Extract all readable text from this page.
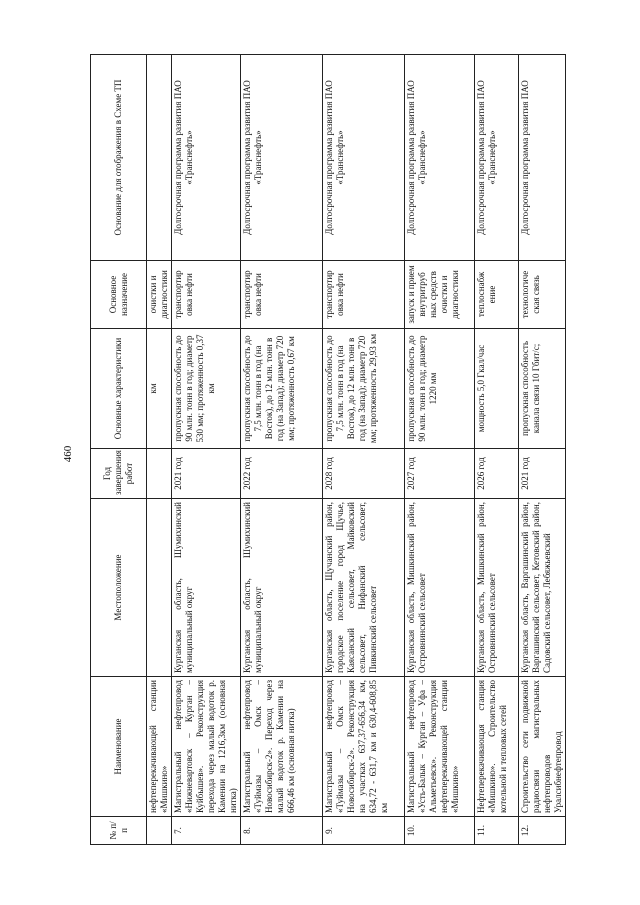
460
№ п/п	Наименование	Местоположение	Год завершения работ	Основные характеристики	Основное назначение	Основание для отображения в Схеме ТП
	нефтеперекачивающей станции «Мишкино»			км	очистки и диагностики	
7.	Магистральный нефтепровод «Нижневартовск – Курган – Куйбышев». Реконструкция перехода через малый водоток р. Камении на 1216,3км (основная нитка)	Курганская область, Шумихинский муниципальный округ	2021 год	пропускная способность до 90 млн. тонн в год; диаметр 530 мм; протяженность 0,37 км	транспортир овка нефти	Долгосрочная программа развития ПАО «Транснефть»
8.	Магистральный нефтепровод «Туймазы – Омск – Новосибирск-2». Переход через малый водоток р. Камении на 666,46 км (основная нитка)	Курганская область, Шумихинский муниципальный округ	2022 год	пропускная способность до 7,5 млн. тонн в год (на Восток), до 12 млн. тонн в год (на Запад); диаметр 720 мм; протяженность 0,67 км	транспортир овка нефти	Долгосрочная программа развития ПАО «Транснефть»
9.	Магистральный нефтепровод «Туймазы – Омск – Новосибирск-2». Реконструкция на участках 637,37-656,34 км, 634,72 - 631,7 км и 630,4-608,85 км	Курганская область, Щучанский район, городское поселение город Щучье, Каясанский сельсовет, Майковский сельсовет, Нифанский сельсовет, Пивкинский сельсовет	2028 год	пропускная способность до 7,5 млн. тонн в год (на Восток), до 12 млн. тонн в год (на Запад); диаметр 720 мм; протяженность 29,93 км	транспортир овка нефти	Долгосрочная программа развития ПАО «Транснефть»
10.	Магистральный нефтепровод «Усть-Балык – Курган – Уфа – Альметьевск». Реконструкция нефтеперекачивающей станции «Мишкино»	Курганская область, Мишкинский район, Островнинский сельсовет	2027 год	пропускная способность до 90 млн. тонн в год; диаметр 1220 мм	запуск и прием внутритруб ных средств очистки и диагностики	Долгосрочная программа развития ПАО «Транснефть»
11.	Нефтеперекачивающая станция «Мишкино». Строительство котельной и тепловых сетей	Курганская область, Мишкинский район, Островнинский сельсовет	2026 год	мощность 5,0 Гкал/час	теплоснабж ение	Долгосрочная программа развития ПАО «Транснефть»
12.	Строительство сети подвижной радиосвязи магистральных нефтепроводов Уралсибнефтепровод	Курганская область, Варгашинский район, Варгашинский сельсовет, Кетовский район, Садовский сельсовет, Лебяжьевский	2021 год	пропускная способность канала связи 10 Гбит/с;	технологиче ская связь	Долгосрочная программа развития ПАО
